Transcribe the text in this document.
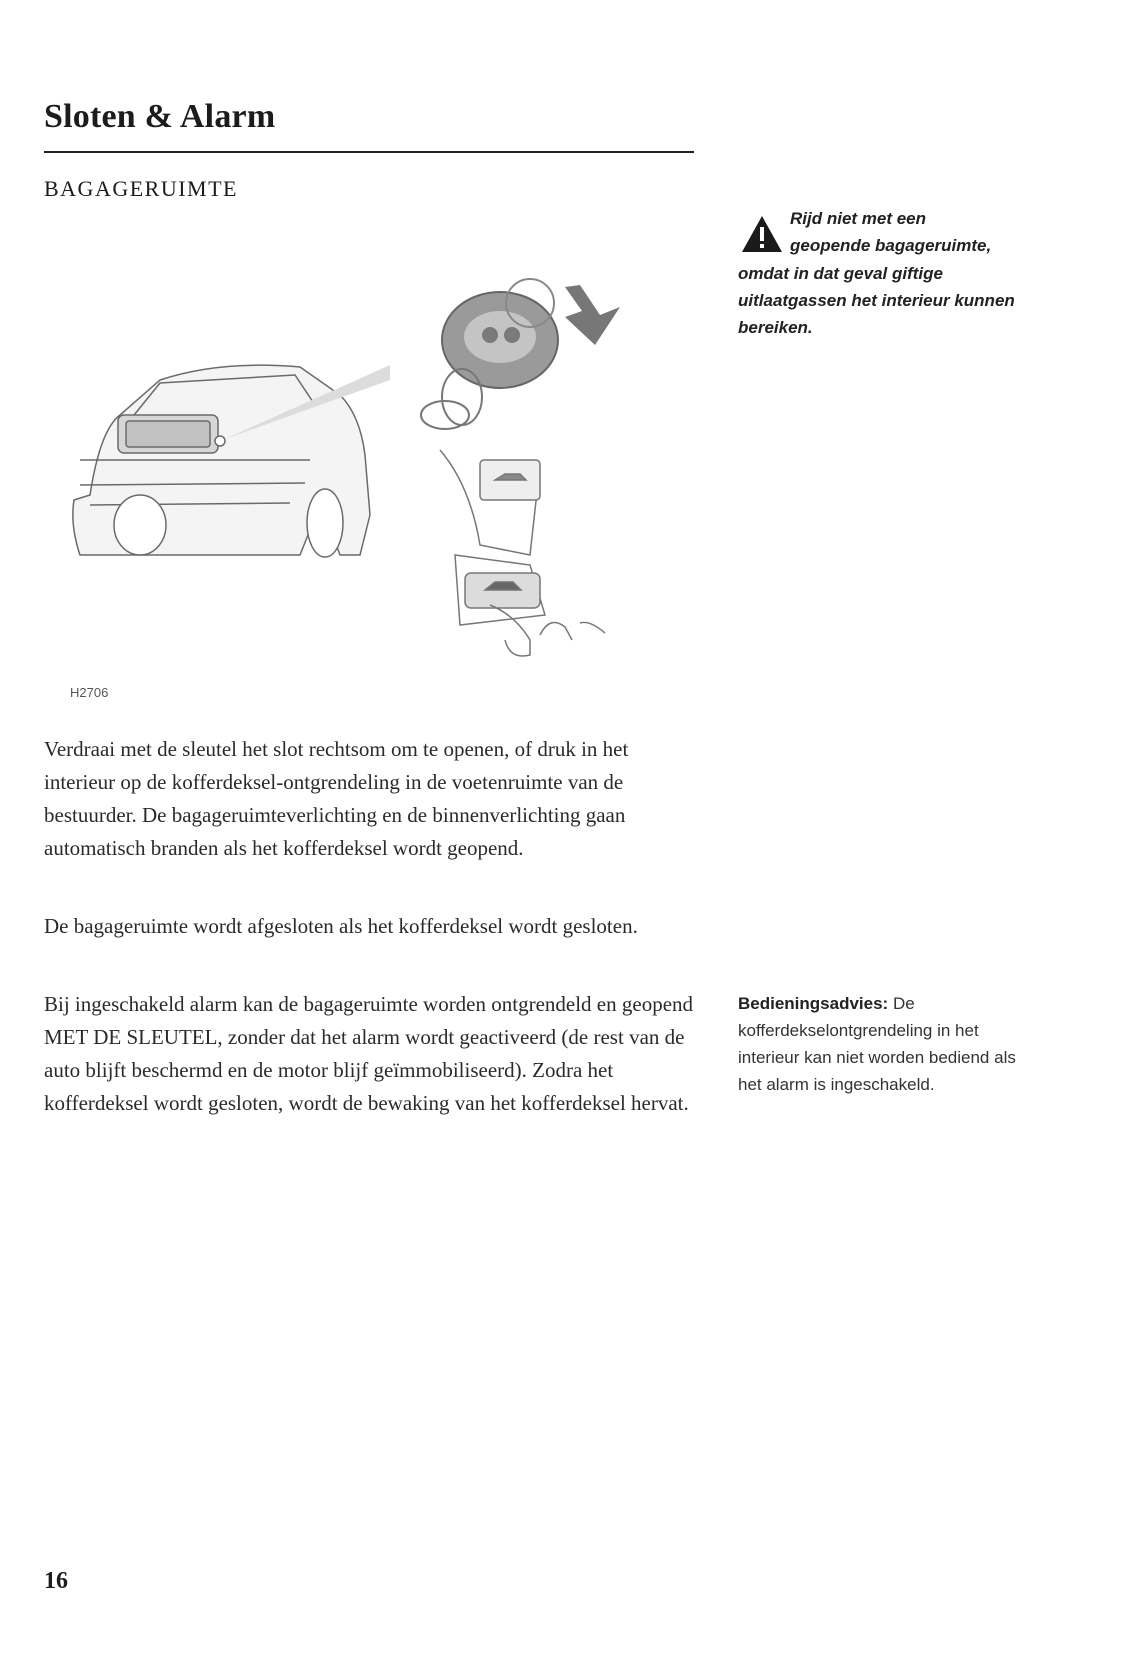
Sloten & Alarm
BAGAGERUIMTE
H2706
Rijd niet met een
geopende bagageruimte,
omdat in dat geval giftige uitlaatgassen het interieur kunnen bereiken.

Verdraai met de sleutel het slot rechtsom om te openen, of druk in het interieur op de kofferdeksel-ontgrendeling in de voetenruimte van de bestuurder. De bagageruimteverlichting en de binnenverlichting gaan automatisch branden als het kofferdeksel wordt geopend.

De bagageruimte wordt afgesloten als het kofferdeksel wordt gesloten.

Bij ingeschakeld alarm kan de bagageruimte worden ontgrendeld en geopend MET DE SLEUTEL, zonder dat het alarm wordt geactiveerd (de rest van de auto blijft beschermd en de motor blijf geïmmobiliseerd). Zodra het kofferdeksel wordt gesloten, wordt de bewaking van het kofferdeksel hervat.

Bedieningsadvies: De kofferdekselontgrendeling in het interieur kan niet worden bediend als het alarm is ingeschakeld.
16
